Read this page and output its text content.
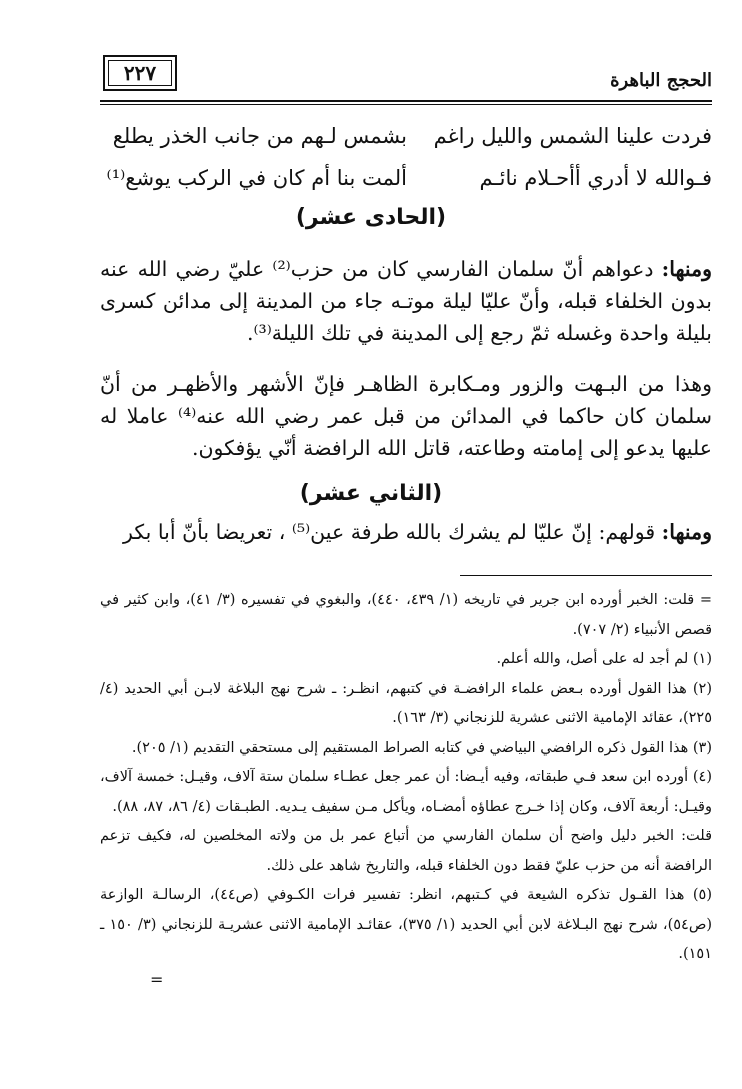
٢٢٧	الحجج الباهرة
فردت علينا الشمس والليل راغم
بشمس لـهم من جانب الخذر يطلع
فـوالله لا أدري أأحـلام نائـم
ألمت بنا أم كان في الركب يوشع⁽¹⁾
(الحادى عشر)
ومنها: دعواهم أنّ سلمان الفارسي كان من حزب⁽²⁾ عليّ رضي الله عنه بدون الخلفاء قبله، وأنّ عليّا ليلة موتـه جاء من المدينة إلى مدائن كسرى بليلة واحدة وغسله ثمّ رجع إلى المدينة في تلك الليلة⁽³⁾.
وهذا من البـهت والزور ومـكابرة الظاهـر فإنّ الأشهر والأظهـر من أنّ سلمان كان حاكما في المدائن من قبل عمر رضي الله عنه⁽⁴⁾ عاملا له عليها يدعو إلى إمامته وطاعته، قاتل الله الرافضة أنّي يؤفكون.
(الثاني عشر)
ومنها: قولهم: إنّ عليّا لم يشرك بالله طرفة عين⁽⁵⁾ ، تعريضا بأنّ أبا بكر

= قلت: الخبر أورده ابن جرير في تاريخه (١/ ٤٣٩، ٤٤٠)، والبغوي في تفسيره (٣/ ٤١)، وابن كثير في قصص الأنبياء (٢/ ٧٠٧).

(١) لم أجد له على أصل، والله أعلم.

(٢) هذا القول أورده بـعض علماء الرافضـة في كتبهم، انظـر: ـ شرح نهج البلاغة لابـن أبي الحديد (٤/ ٢٢٥)، عقائد الإمامية الاثنى عشرية للزنجاني (٣/ ١٦٣).

(٣) هذا القول ذكره الرافضي البياضي في كتابه الصراط المستقيم إلى مستحقي التقديم (١/ ٢٠٥).

(٤) أورده ابن سعد فـي طبقاته، وفيه أيـضا: أن عمر جعل عطـاء سلمان ستة آلاف، وقيـل: خمسة آلاف، وقيـل: أربعة آلاف، وكان إذا خـرج عطاؤه أمضـاه، ويأكل مـن سفيف يـديه. الطبـقات (٤/ ٨٦، ٨٧، ٨٨).

قلت: الخبر دليل واضح أن سلمان الفارسي من أتباع عمر بل من ولاته المخلصين له، فكيف تزعم الرافضة أنه من حزب عليّ فقط دون الخلفاء قبله، والتاريخ شاهد على ذلك.

(٥) هذا القـول تذكره الشيعة في كـتبهم، انظر: تفسير فرات الكـوفي (ص٤٤)، الرسالـة الوازعة (ص٥٤)، شرح نهج البـلاغة لابن أبي الحديد (١/ ٣٧٥)، عقائـد الإمامية الاثنى عشريـة للزنجاني (٣/ ١٥٠ ـ ١٥١).

=
